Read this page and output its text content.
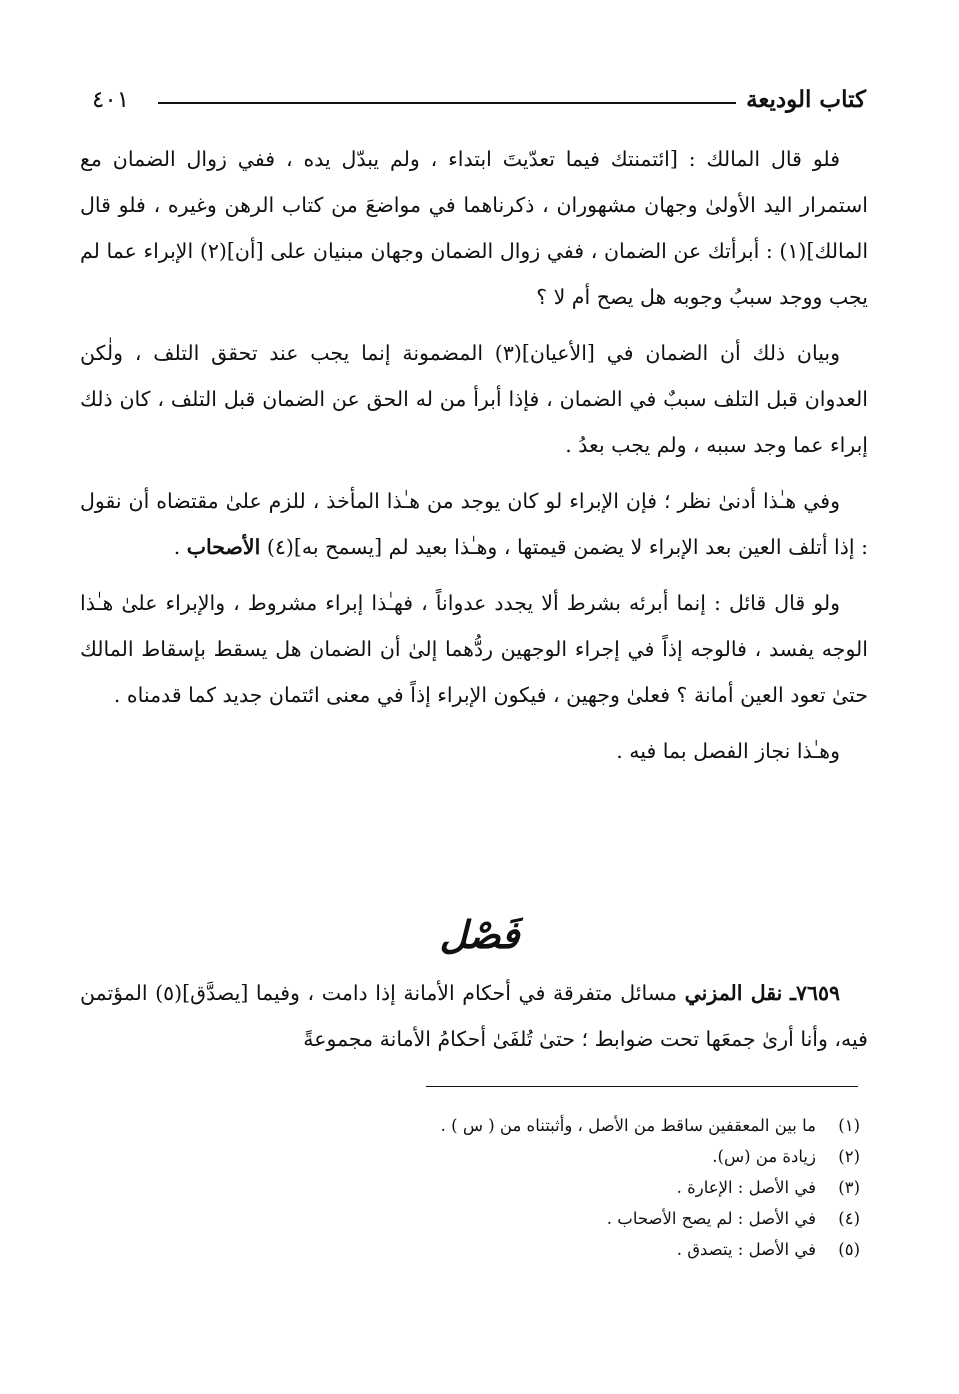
كتاب الوديعة
٤٠١

فلو قال المالك : [ائتمنتك فيما تعدّيتَ ابتداء ، ولم يبدّل يده ، ففي زوال الضمان مع استمرار اليد الأولىٰ وجهان مشهوران ، ذكرناهما في مواضعَ من كتاب الرهن وغيره ، فلو قال المالك](١) : أبرأتك عن الضمان ، ففي زوال الضمان وجهان مبنيان على [أن](٢) الإبراء عما لم يجب ووجد سببُ وجوبه هل يصح أم لا ؟

وبيان ذلك أن الضمان في [الأعيان](٣) المضمونة إنما يجب عند تحقق التلف ، ولٰكن العدوان قبل التلف سببٌ في الضمان ، فإذا أبرأ من له الحق عن الضمان قبل التلف ، كان ذلك إبراء عما وجد سببه ، ولم يجب بعدُ .

وفي هـٰذا أدنىٰ نظر ؛ فإن الإبراء لو كان يوجد من هـٰذا المأخذ ، للزم علىٰ مقتضاه أن نقول : إذا أتلف العين بعد الإبراء لا يضمن قيمتها ، وهـٰذا بعيد لم [يسمح به](٤) الأصحاب .

ولو قال قائل : إنما أبرئه بشرط ألا يجدد عدواناً ، فهـٰذا إبراء مشروط ، والإبراء علىٰ هـٰذا الوجه يفسد ، فالوجه إذاً في إجراء الوجهين ردُّهما إلىٰ أن الضمان هل يسقط بإسقاط المالك حتىٰ تعود العين أمانة ؟ فعلىٰ وجهين ، فيكون الإبراء إذاً في معنى ائتمان جديد كما قدمناه .

وهـٰذا نجاز الفصل بما فيه .

فَصْل

٧٦٥٩ـ نقل المزني مسائل متفرقة في أحكام الأمانة إذا دامت ، وفيما [يصدَّق](٥) المؤتمن فيه، وأنا أرىٰ جمعَها تحت ضوابط ؛ حتىٰ تُلفَىٰ أحكامُ الأمانة مجموعةً

(١)ما بين المعقفين ساقط من الأصل ، وأثبتناه من ( س ) .

(٢)زيادة من (س).

(٣)في الأصل : الإعارة .

(٤)في الأصل : لم يصح الأصحاب .

(٥)في الأصل : يتصدق .
